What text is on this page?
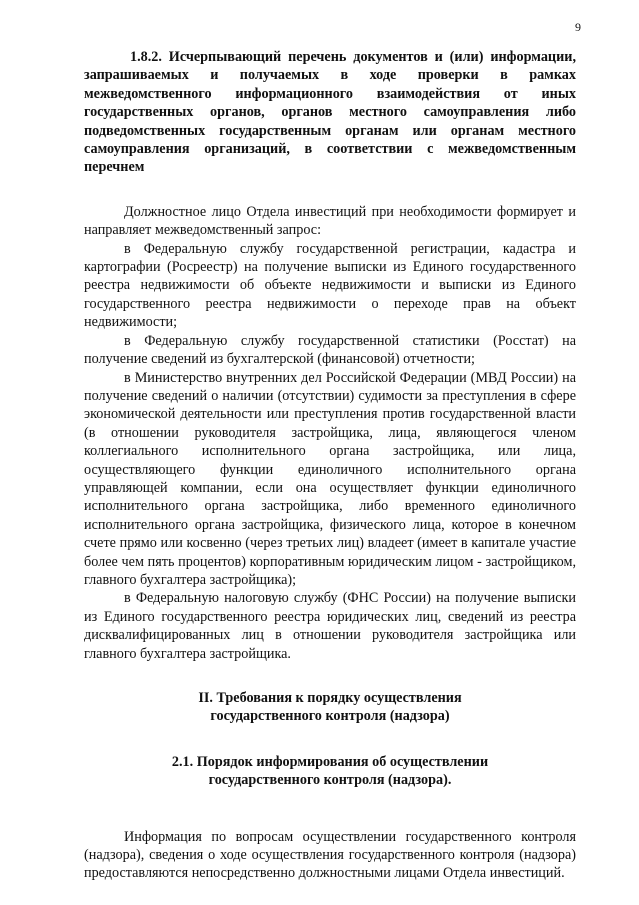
9

1.8.2. Исчерпывающий перечень документов и (или) информации, запрашиваемых и получаемых в ходе проверки в рамках межведомственного информационного взаимодействия от иных государственных органов, органов местного самоуправления либо подведомственных государственным органам или органам местного самоуправления организаций, в соответствии с межведомственным перечнем

Должностное лицо Отдела инвестиций при необходимости формирует и направляет межведомственный запрос:

в Федеральную службу государственной регистрации, кадастра и картографии (Росреестр) на получение выписки из Единого государственного реестра недвижимости об объекте недвижимости и выписки из Единого государственного реестра недвижимости о переходе прав на объект недвижимости;

в Федеральную службу государственной статистики (Росстат) на получение сведений из бухгалтерской (финансовой) отчетности;

в Министерство внутренних дел Российской Федерации (МВД России) на получение сведений о наличии (отсутствии) судимости за преступления в сфере экономической деятельности или преступления против государственной власти (в отношении руководителя застройщика, лица, являющегося членом коллегиального исполнительного органа застройщика, или лица, осуществляющего функции единоличного исполнительного органа управляющей компании, если она осуществляет функции единоличного исполнительного органа застройщика, либо временного единоличного исполнительного органа застройщика, физического лица, которое в конечном счете прямо или косвенно (через третьих лиц) владеет (имеет в капитале участие более чем пять процентов) корпоративным юридическим лицом - застройщиком, главного бухгалтера застройщика);

в Федеральную налоговую службу (ФНС России) на получение выписки из Единого государственного реестра юридических лиц, сведений из реестра дисквалифицированных лиц в отношении руководителя застройщика или главного бухгалтера застройщика.

II. Требования к порядку осуществления

государственного контроля (надзора)

2.1. Порядок информирования об осуществлении

государственного контроля (надзора).

Информация по вопросам осуществлении государственного контроля (надзора), сведения о ходе осуществления государственного контроля (надзора) предоставляются непосредственно должностными лицами Отдела инвестиций.
